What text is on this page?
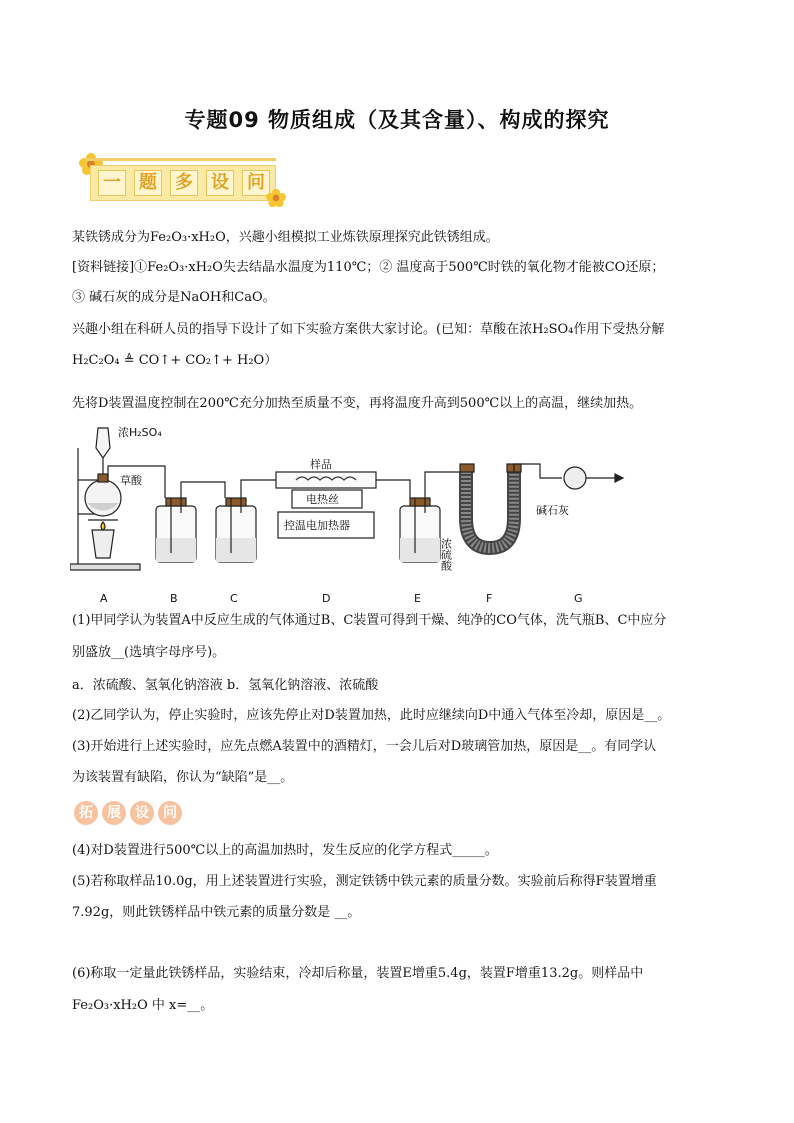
专题09 物质组成（及其含量）、构成的探究
一 题 多 设 问
某铁锈成分为Fe₂O₃·xH₂O，兴趣小组模拟工业炼铁原理探究此铁锈组成。
[资料链接]①Fe₂O₃·xH₂O失去结晶水温度为110℃；② 温度高于500℃时铁的氧化物才能被CO还原；
③ 碱石灰的成分是NaOH和CaO。
兴趣小组在科研人员的指导下设计了如下实验方案供大家讨论。(已知：草酸在浓H₂SO₄作用下受热分解
H₂C₂O₄ ≜ CO↑+ CO₂↑+ H₂O）
先将D装置温度控制在200℃充分加热至质量不变，再将温度升高到500℃以上的高温，继续加热。
浓H₂SO₄
草酸
样品
电热丝
控温电加热器
浓硫酸
碱石灰
A	B	C	D	E	F	G
(1)甲同学认为装置A中反应生成的气体通过B、C装置可得到干燥、纯净的CO气体，洗气瓶B、C中应分
别盛放__(选填字母序号)。
a．浓硫酸、氢氧化钠溶液 b．氢氧化钠溶液、浓硫酸
(2)乙同学认为，停止实验时，应该先停止对D装置加热，此时应继续向D中通入气体至冷却，原因是__。
(3)开始进行上述实验时，应先点燃A装置中的酒精灯，一会儿后对D玻璃管加热，原因是__。有同学认
为该装置有缺陷，你认为“缺陷”是__。
拓	展	设	问
(4)对D装置进行500℃以上的高温加热时，发生反应的化学方程式_____。
(5)若称取样品10.0g，用上述装置进行实验，测定铁锈中铁元素的质量分数。实验前后称得F装置增重
7.92g，则此铁锈样品中铁元素的质量分数是 __。
(6)称取一定量此铁锈样品，实验结束，冷却后称量，装置E增重5.4g，装置F增重13.2g。则样品中
Fe₂O₃·xH₂O 中 x=__。
